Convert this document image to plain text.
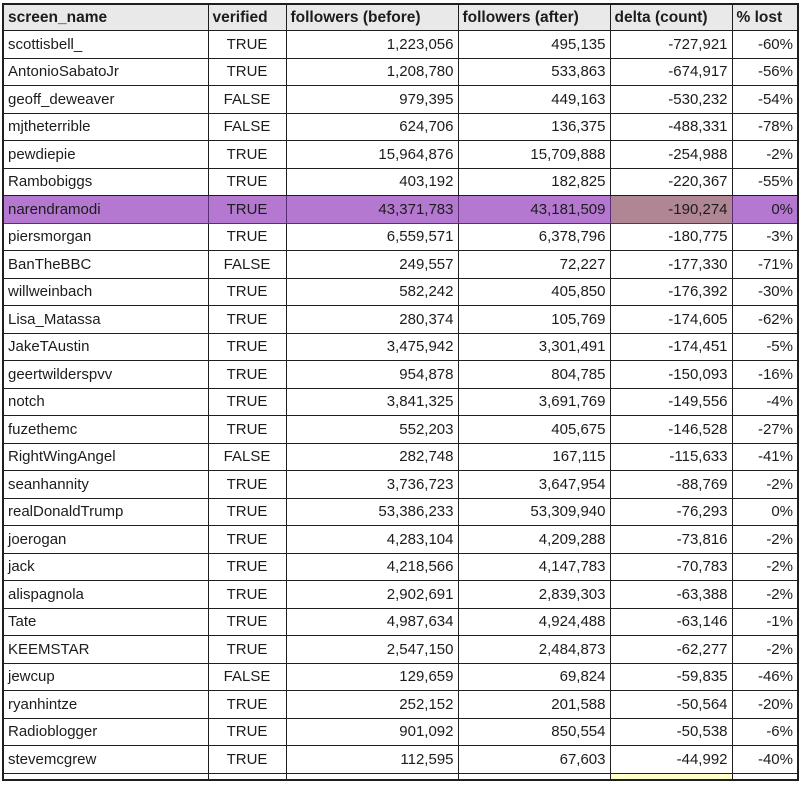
screen_name	verified	followers (before)	followers (after)	delta (count)	% lost
scottisbell_	TRUE	1,223,056	495,135	-727,921	-60%
AntonioSabatoJr	TRUE	1,208,780	533,863	-674,917	-56%
geoff_deweaver	FALSE	979,395	449,163	-530,232	-54%
mjtheterrible	FALSE	624,706	136,375	-488,331	-78%
pewdiepie	TRUE	15,964,876	15,709,888	-254,988	-2%
Rambobiggs	TRUE	403,192	182,825	-220,367	-55%
narendramodi	TRUE	43,371,783	43,181,509	-190,274	0%
piersmorgan	TRUE	6,559,571	6,378,796	-180,775	-3%
BanTheBBC	FALSE	249,557	72,227	-177,330	-71%
willweinbach	TRUE	582,242	405,850	-176,392	-30%
Lisa_Matassa	TRUE	280,374	105,769	-174,605	-62%
JakeTAustin	TRUE	3,475,942	3,301,491	-174,451	-5%
geertwilderspvv	TRUE	954,878	804,785	-150,093	-16%
notch	TRUE	3,841,325	3,691,769	-149,556	-4%
fuzethemc	TRUE	552,203	405,675	-146,528	-27%
RightWingAngel	FALSE	282,748	167,115	-115,633	-41%
seanhannity	TRUE	3,736,723	3,647,954	-88,769	-2%
realDonaldTrump	TRUE	53,386,233	53,309,940	-76,293	0%
joerogan	TRUE	4,283,104	4,209,288	-73,816	-2%
jack	TRUE	4,218,566	4,147,783	-70,783	-2%
alispagnola	TRUE	2,902,691	2,839,303	-63,388	-2%
Tate	TRUE	4,987,634	4,924,488	-63,146	-1%
KEEMSTAR	TRUE	2,547,150	2,484,873	-62,277	-2%
jewcup	FALSE	129,659	69,824	-59,835	-46%
ryanhintze	TRUE	252,152	201,588	-50,564	-20%
Radioblogger	TRUE	901,092	850,554	-50,538	-6%
stevemcgrew	TRUE	112,595	67,603	-44,992	-40%
